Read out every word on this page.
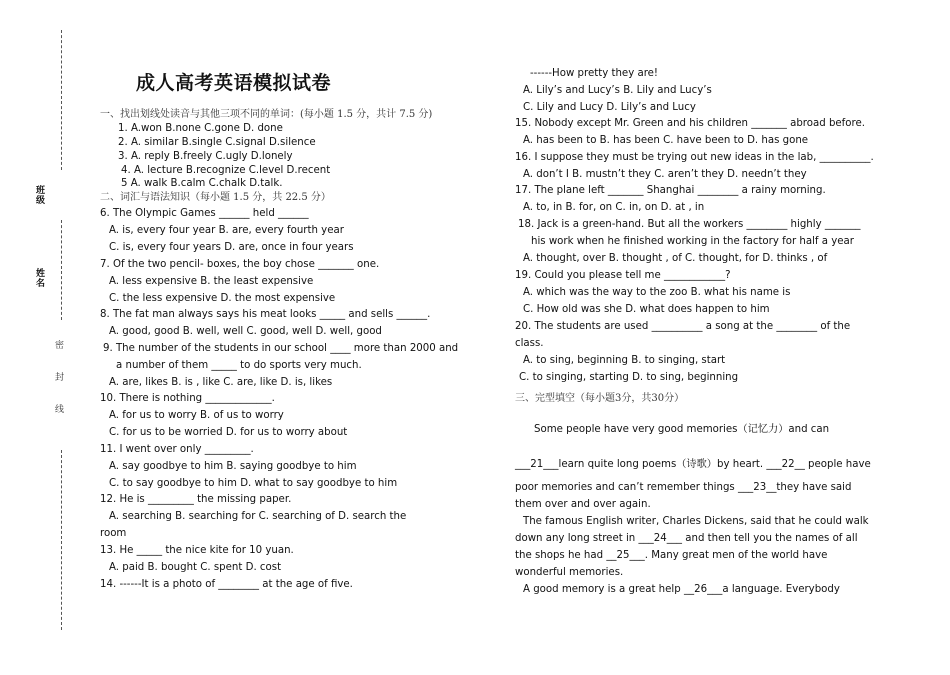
班级
姓名
密
封
线
成人高考英语模拟试卷
一、找出划线处读音与其他三项不同的单词：(每小题 1.5 分，共计 7.5 分)
1. A.won B.none C.gone D. done
2. A. similar B.single C.signal D.silence
3. A. reply B.freely C.ugly D.lonely
4. A. lecture B.recognize C.level D.recent
5 A. walk B.calm C.chalk D.talk.
二、词汇与语法知识（每小题 1.5 分，共 22.5 分）
6. The Olympic Games ______ held ______
A. is, every four year B. are, every fourth year
C. is, every four years D. are, once in four years
7. Of the two pencil- boxes, the boy chose _______ one.
A. less expensive B. the least expensive
C. the less expensive D. the most expensive
8. The fat man always says his meat looks _____ and sells ______.
A. good, good B. well, well C. good, well D. well, good
9. The number of the students in our school ____ more than 2000 and
a number of them _____ to do sports very much.
A. are, likes B. is , like C. are, like D. is, likes
10. There is nothing _____________.
A. for us to worry B. of us to worry
C. for us to be worried D. for us to worry about
11. I went over only _________.
A. say goodbye to him B. saying goodbye to him
C. to say goodbye to him D. what to say goodbye to him
12. He is _________ the missing paper.
A. searching B. searching for C. searching of D. search the
room
13. He _____ the nice kite for 10 yuan.
A. paid B. bought C. spent D. cost
14. ------It is a photo of ________ at the age of five.
------How pretty they are!
A. Lily’s and Lucy’s B. Lily and Lucy’s
C. Lily and Lucy D. Lily’s and Lucy
15. Nobody except Mr. Green and his children _______ abroad before.
A. has been to B. has been C. have been to D. has gone
16. I suppose they must be trying out new ideas in the lab, __________.
A. don’t I B. mustn’t they C. aren’t they D. needn’t they
17. The plane left _______ Shanghai ________ a rainy morning.
A. to, in B. for, on C. in, on D. at , in
18. Jack is a green-hand. But all the workers ________ highly _______
his work when he finished working in the factory for half a year
A. thought, over B. thought , of C. thought, for D. thinks , of
19. Could you please tell me ____________?
A. which was the way to the zoo B. what his name is
C. How old was she D. what does happen to him
20. The students are used __________ a song at the ________ of the
class.
A. to sing, beginning B. to singing, start
C. to singing, starting D. to sing, beginning
三、完型填空（每小题3分，共30分）
Some people have very good memories（记忆力）and can
___21___learn quite long poems（诗歌）by heart. ___22__ people have
poor memories and can’t remember things ___23__they have said
them over and over again.
The famous English writer, Charles Dickens, said that he could walk
down any long street in ___24___ and then tell you the names of all
the shops he had __25___. Many great men of the world have
wonderful memories.
A good memory is a great help __26___a language. Everybody
